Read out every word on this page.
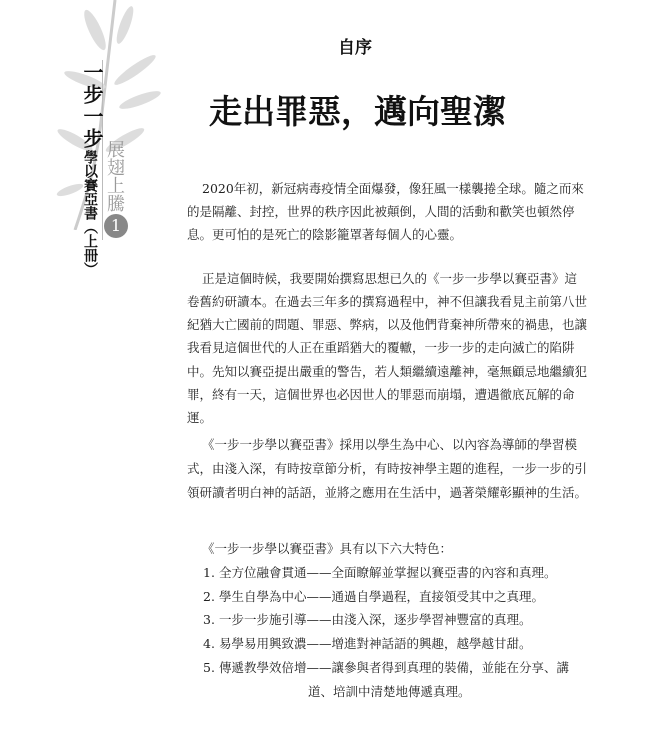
一步一步
學以賽亞書（上冊） 展翅上騰
1
自序
走出罪惡，邁向聖潔
2020年初，新冠病毒疫情全面爆發，像狂風一樣襲捲全球。隨之而來
的是隔離、封控，世界的秩序因此被顛倒，人間的活動和歡笑也頓然停
息。更可怕的是死亡的陰影籠罩著每個人的心靈。
正是這個時候，我要開始撰寫思想已久的《一步一步學以賽亞書》這
卷舊約研讀本。在過去三年多的撰寫過程中，神不但讓我看見主前第八世
紀猶大亡國前的問題、罪惡、弊病，以及他們背棄神所帶來的禍患，也讓
我看見這個世代的人正在重蹈猶大的覆轍，一步一步的走向滅亡的陷阱
中。先知以賽亞提出嚴重的警告，若人類繼續遠離神，毫無顧忌地繼續犯
罪，終有一天，這個世界也必因世人的罪惡而崩塌，遭遇徹底瓦解的命
運。
《一步一步學以賽亞書》採用以學生為中心、以內容為導師的學習模
式，由淺入深，有時按章節分析，有時按神學主題的進程，一步一步的引
領研讀者明白神的話語，並將之應用在生活中，過著榮耀彰顯神的生活。
《一步一步學以賽亞書》具有以下六大特色：
1. 全方位融會貫通——全面瞭解並掌握以賽亞書的內容和真理。
2. 學生自學為中心——通過自學過程，直接領受其中之真理。
3. 一步一步施引導——由淺入深，逐步學習神豐富的真理。
4. 易學易用興致濃——增進對神話語的興趣，越學越甘甜。
5. 傳遞教學效倍增——讓參與者得到真理的裝備，並能在分享、講
道、培訓中清楚地傳遞真理。
